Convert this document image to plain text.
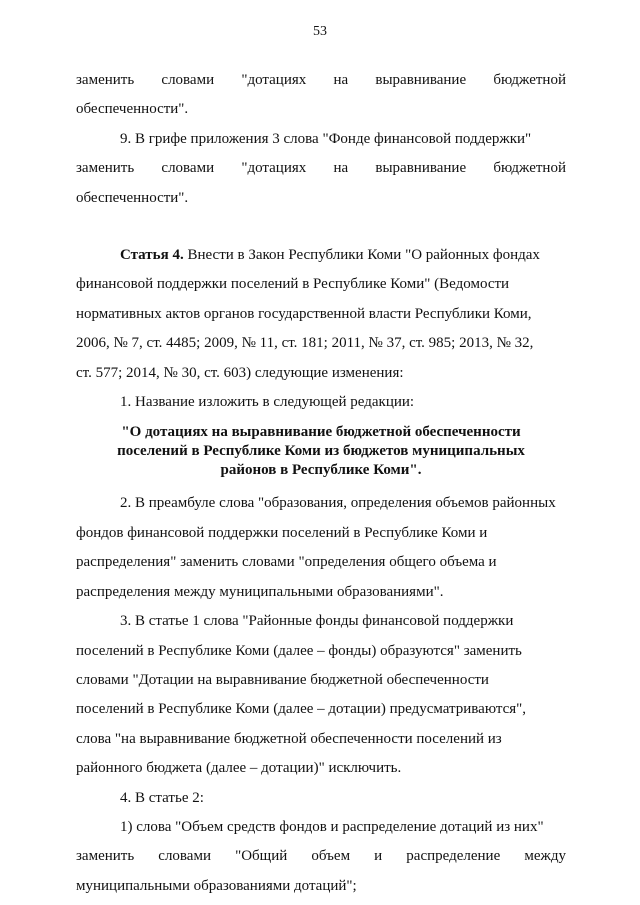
53
заменить словами "дотациях на выравнивание бюджетной
обеспеченности".
9. В грифе приложения 3 слова "Фонде финансовой поддержки"
заменить словами "дотациях на выравнивание бюджетной
обеспеченности".
Статья 4. Внести в Закон Республики Коми "О районных фондах
финансовой поддержки поселений в Республике Коми" (Ведомости
нормативных актов органов государственной власти Республики Коми,
2006, № 7, ст. 4485; 2009, № 11, ст. 181; 2011, № 37, ст. 985; 2013, № 32,
ст. 577; 2014, № 30, ст. 603) следующие изменения:
1. Название изложить в следующей редакции:
"О дотациях на выравнивание бюджетной обеспеченности
поселений в Республике Коми из бюджетов муниципальных
районов в Республике Коми".
2. В преамбуле слова "образования, определения объемов районных
фондов финансовой поддержки поселений в Республике Коми и
распределения" заменить словами "определения общего объема и
распределения между муниципальными образованиями".
3. В статье 1 слова "Районные фонды финансовой поддержки
поселений в Республике Коми (далее – фонды) образуются" заменить
словами "Дотации на выравнивание бюджетной обеспеченности
поселений в Республике Коми (далее – дотации) предусматриваются",
слова "на выравнивание бюджетной обеспеченности поселений из
районного бюджета (далее – дотации)" исключить.
4. В статье 2:
1) слова "Объем средств фондов и распределение дотаций из них"
заменить словами "Общий объем и распределение между
муниципальными образованиями дотаций";
